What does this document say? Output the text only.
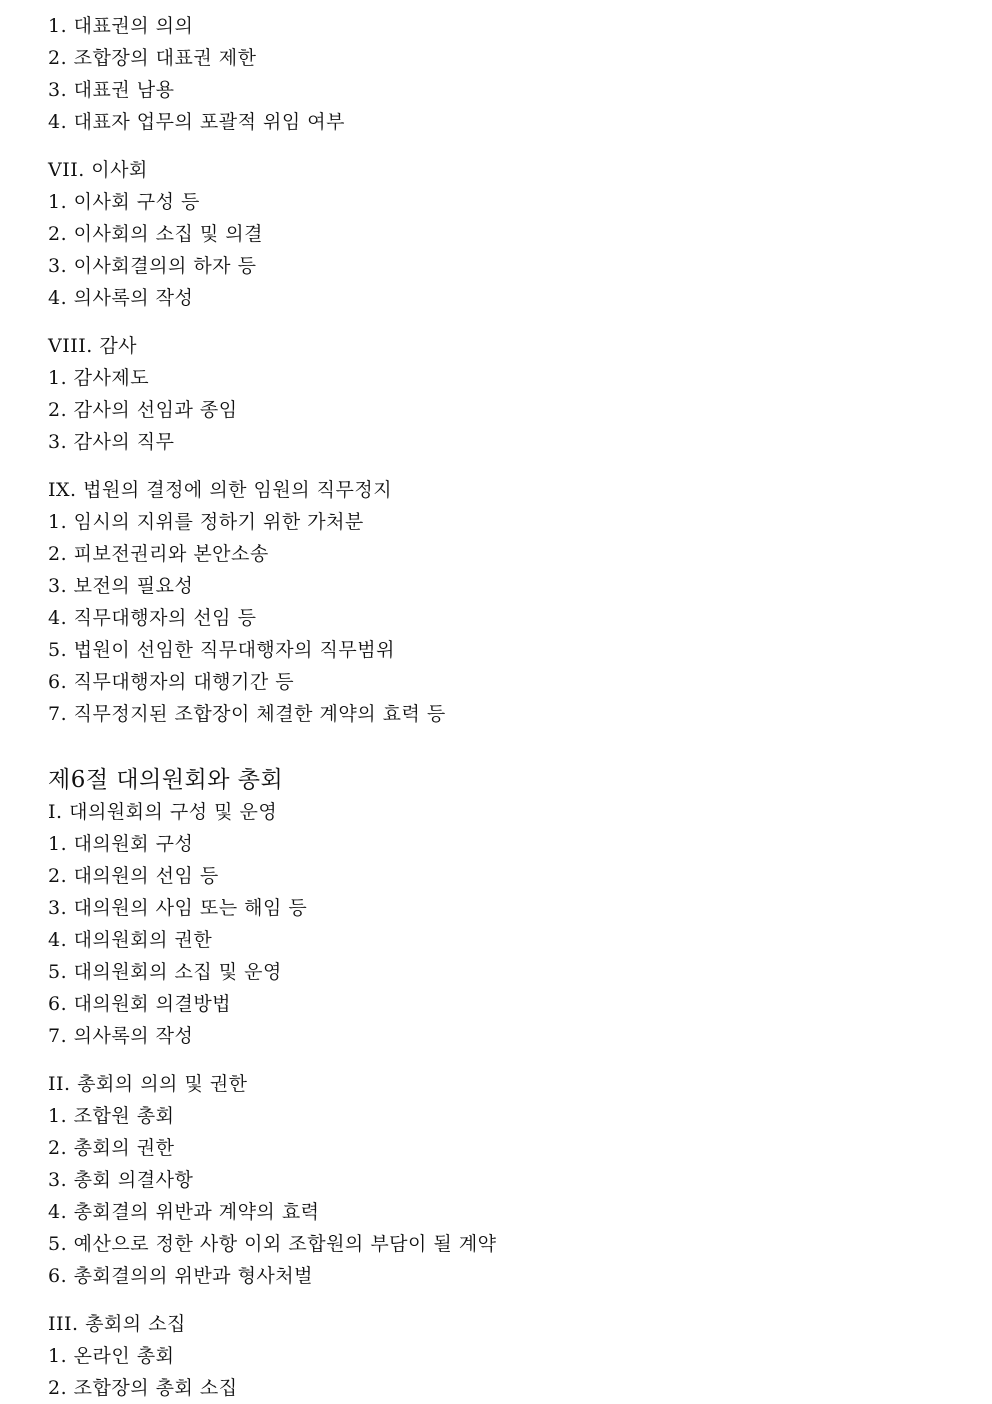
1. 대표권의 의의
2. 조합장의 대표권 제한
3. 대표권 남용
4. 대표자 업무의 포괄적 위임 여부
VII. 이사회
1. 이사회 구성 등
2. 이사회의 소집 및 의결
3. 이사회결의의 하자 등
4. 의사록의 작성
VIII. 감사
1. 감사제도
2. 감사의 선임과 종임
3. 감사의 직무
IX. 법원의 결정에 의한 임원의 직무정지
1. 임시의 지위를 정하기 위한 가처분
2. 피보전권리와 본안소송
3. 보전의 필요성
4. 직무대행자의 선임 등
5. 법원이 선임한 직무대행자의 직무범위
6. 직무대행자의 대행기간 등
7. 직무정지된 조합장이 체결한 계약의 효력 등
제6절 대의원회와 총회
I. 대의원회의 구성 및 운영
1. 대의원회 구성
2. 대의원의 선임 등
3. 대의원의 사임 또는 해임 등
4. 대의원회의 권한
5. 대의원회의 소집 및 운영
6. 대의원회 의결방법
7. 의사록의 작성
II. 총회의 의의 및 권한
1. 조합원 총회
2. 총회의 권한
3. 총회 의결사항
4. 총회결의 위반과 계약의 효력
5. 예산으로 정한 사항 이외 조합원의 부담이 될 계약
6. 총회결의의 위반과 형사처벌
III. 총회의 소집
1. 온라인 총회
2. 조합장의 총회 소집
